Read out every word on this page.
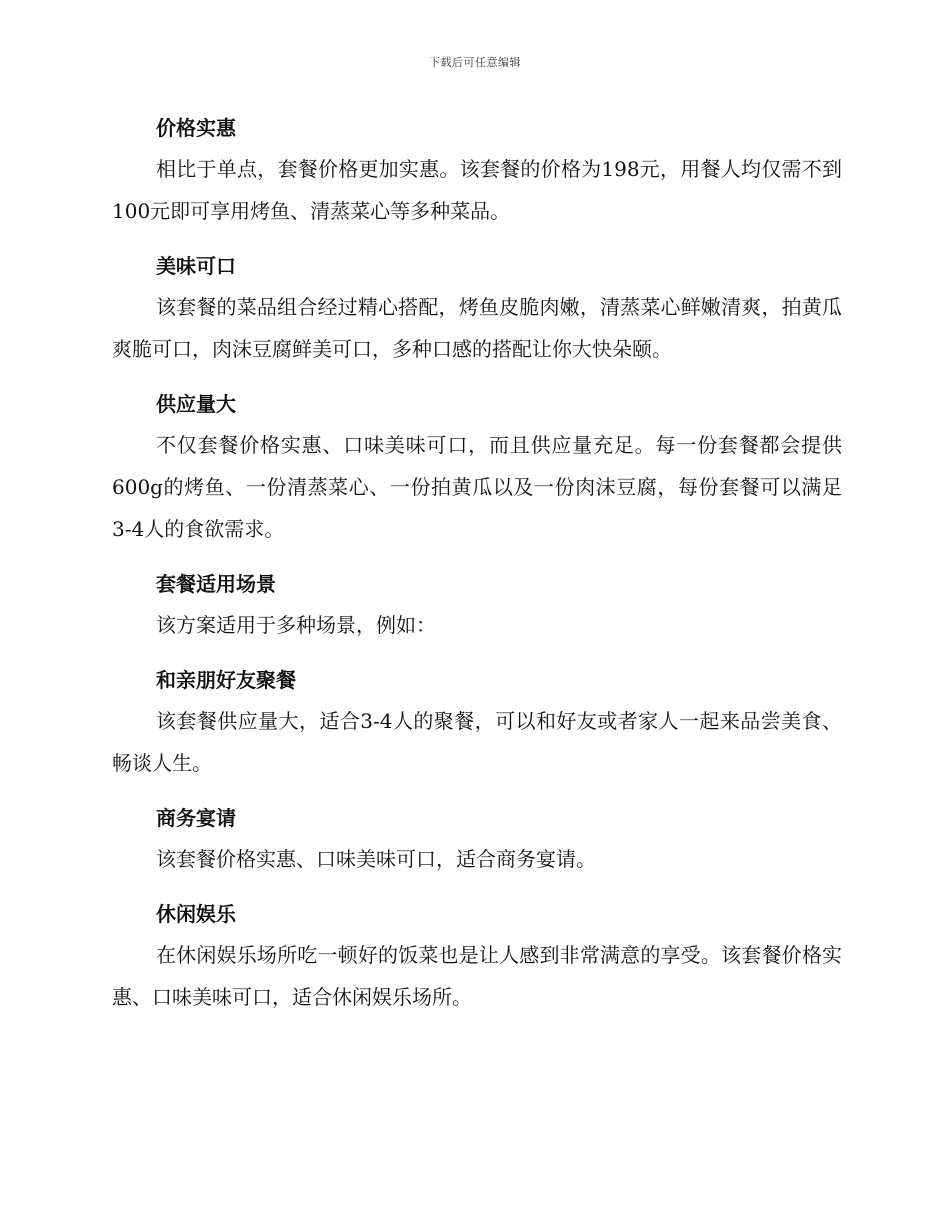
下载后可任意编辑

价格实惠

相比于单点，套餐价格更加实惠。该套餐的价格为198元，用餐人均仅需不到100元即可享用烤鱼、清蒸菜心等多种菜品。

美味可口

该套餐的菜品组合经过精心搭配，烤鱼皮脆肉嫩，清蒸菜心鲜嫩清爽，拍黄瓜爽脆可口，肉沫豆腐鲜美可口，多种口感的搭配让你大快朵颐。

供应量大

不仅套餐价格实惠、口味美味可口，而且供应量充足。每一份套餐都会提供600g的烤鱼、一份清蒸菜心、一份拍黄瓜以及一份肉沫豆腐，每份套餐可以满足3-4人的食欲需求。

套餐适用场景

该方案适用于多种场景，例如：

和亲朋好友聚餐

该套餐供应量大，适合3-4人的聚餐，可以和好友或者家人一起来品尝美食、畅谈人生。

商务宴请

该套餐价格实惠、口味美味可口，适合商务宴请。

休闲娱乐

在休闲娱乐场所吃一顿好的饭菜也是让人感到非常满意的享受。该套餐价格实惠、口味美味可口，适合休闲娱乐场所。
